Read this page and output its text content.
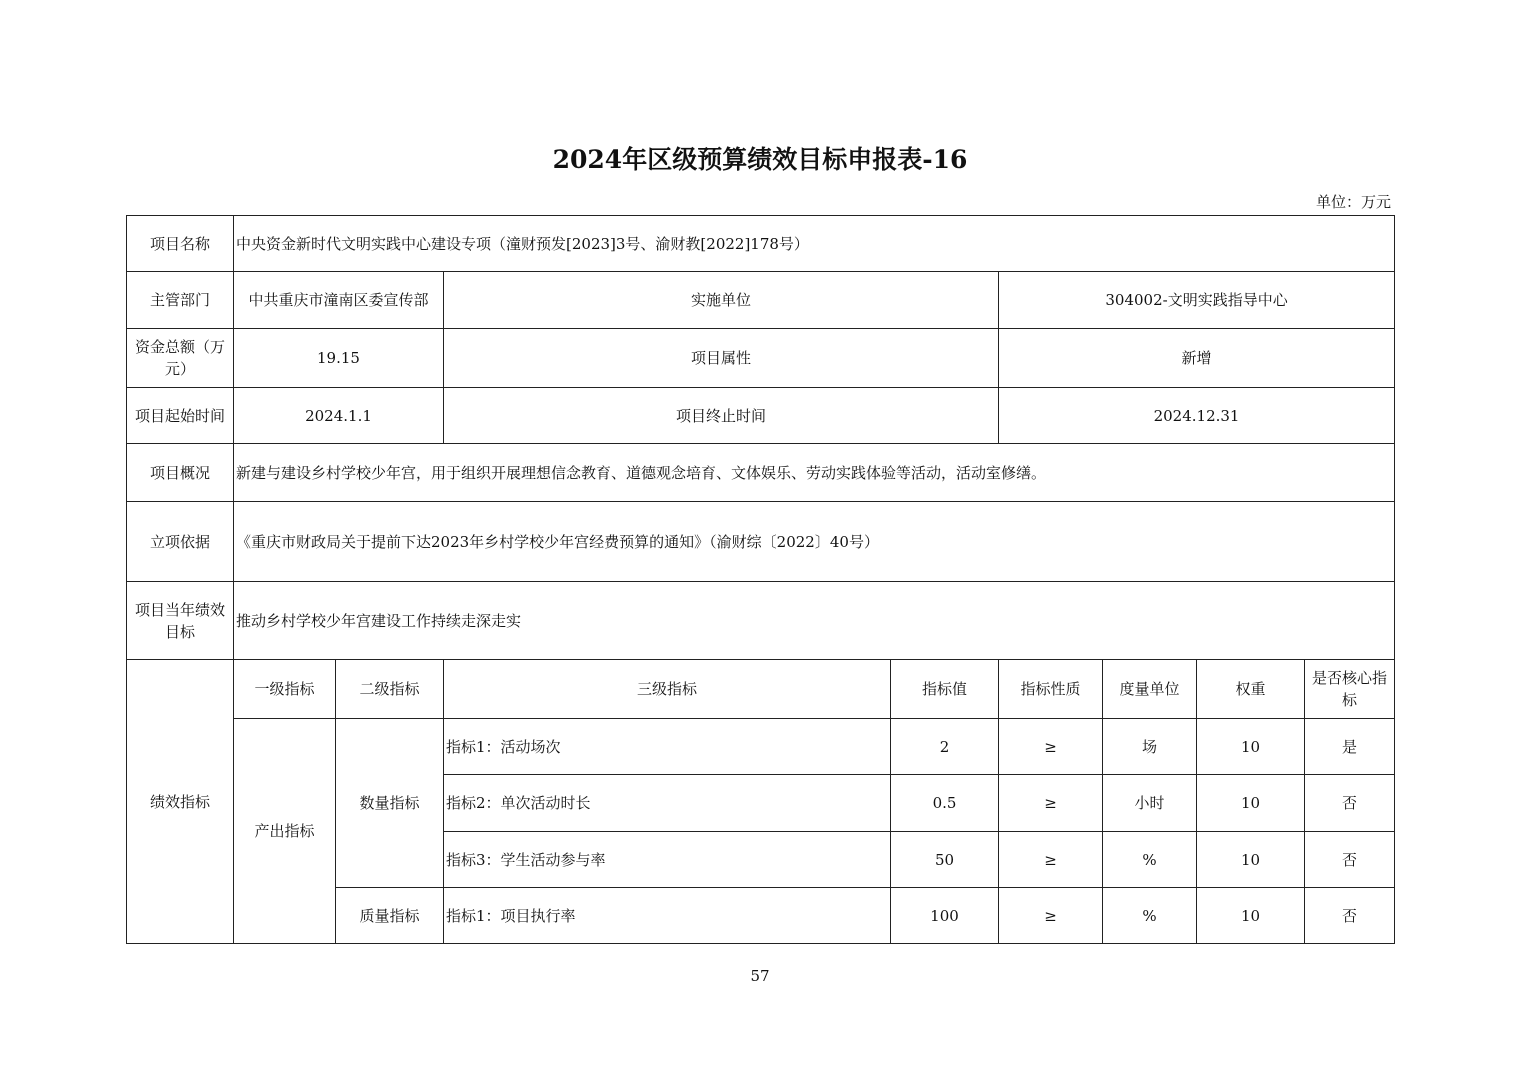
2024年区级预算绩效目标申报表-16
单位：万元
项目名称	中央资金新时代文明实践中心建设专项（潼财预发[2023]3号、渝财教[2022]178号）							
主管部门	中共重庆市潼南区委宣传部		实施单位		304002-文明实践指导中心			
资金总额（万元）	19.15		项目属性		新增			
项目起始时间	2024.1.1		项目终止时间		2024.12.31			
项目概况	新建与建设乡村学校少年宫，用于组织开展理想信念教育、道德观念培育、文体娱乐、劳动实践体验等活动，活动室修缮。							
立项依据	《重庆市财政局关于提前下达2023年乡村学校少年宫经费预算的通知》（渝财综〔2022〕40号）							
项目当年绩效目标	推动乡村学校少年宫建设工作持续走深走实							
绩效指标	一级指标	二级指标	三级指标	指标值	指标性质	度量单位	权重	是否核心指标
	产出指标	数量指标	指标1：活动场次	2	≥	场	10	是
			指标2：单次活动时长	0.5	≥	小时	10	否
			指标3：学生活动参与率	50	≥	%	10	否
		质量指标	指标1：项目执行率	100	≥	%	10	否
57
